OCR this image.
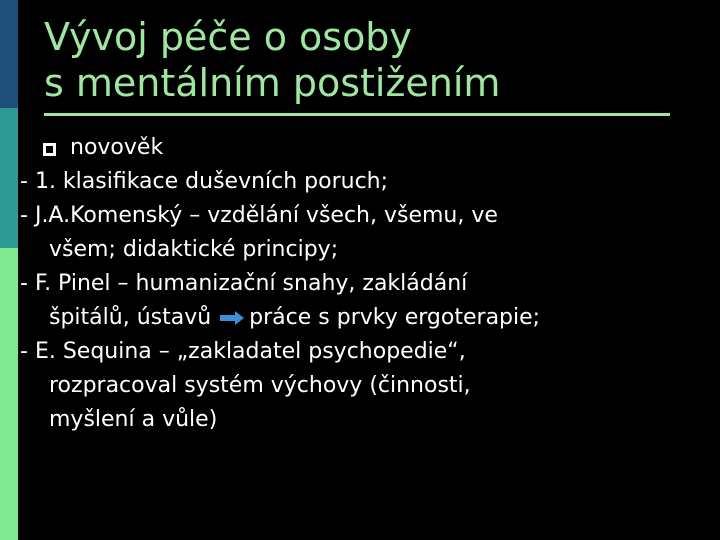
Vývoj péče o osoby
s mentálním postižením
novověk
- 1. klasifikace duševních poruch;
- J.A.Komenský – vzdělání všech, všemu, ve
všem; didaktické principy;
- F. Pinel – humanizační snahy, zakládání
špitálů, ústavů práce s prvky ergoterapie;
- E. Sequina – „zakladatel psychopedie“,
rozpracoval systém výchovy (činnosti,
myšlení a vůle)
